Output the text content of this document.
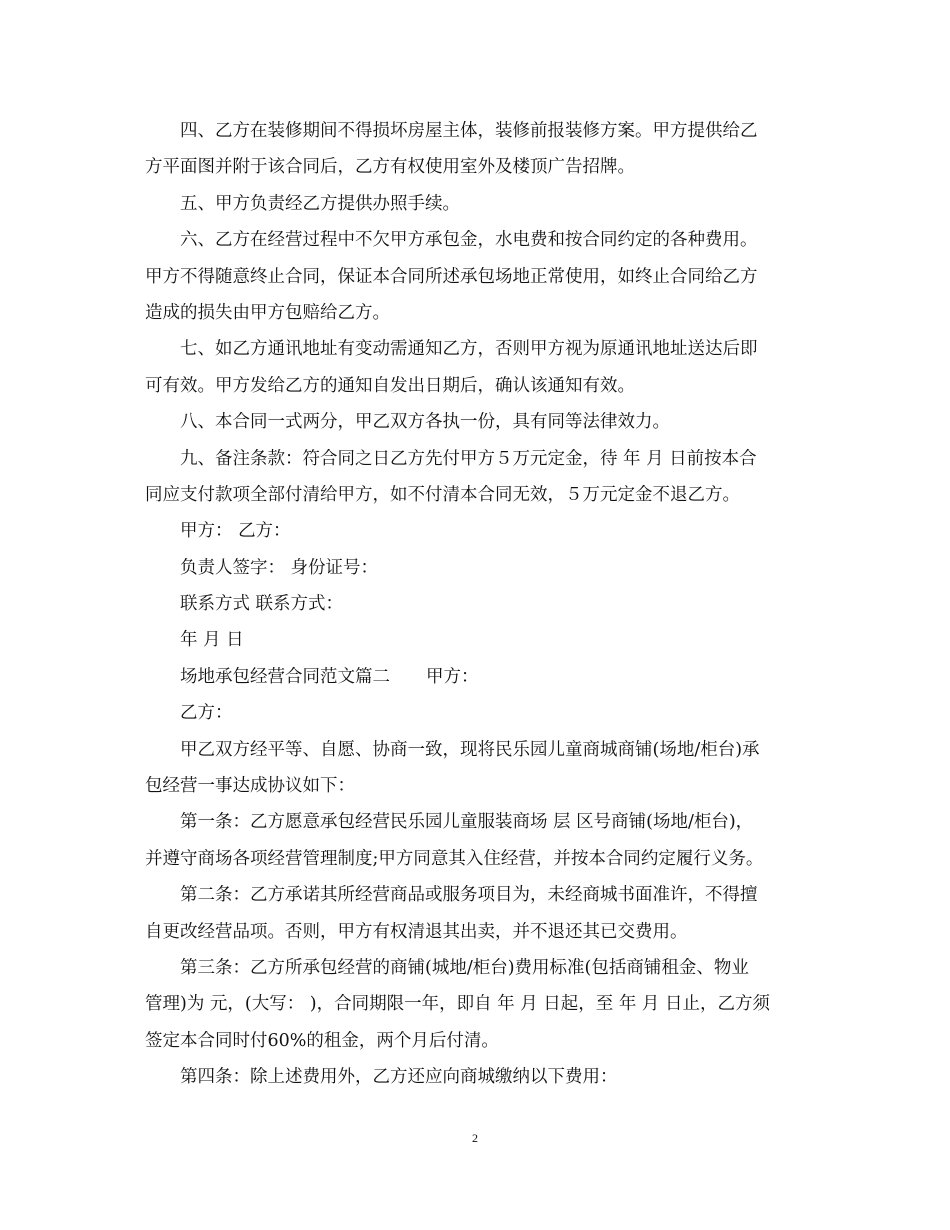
四、乙方在装修期间不得损坏房屋主体，装修前报装修方案。甲方提供给乙
方平面图并附于该合同后，乙方有权使用室外及楼顶广告招牌。
五、甲方负责经乙方提供办照手续。
六、乙方在经营过程中不欠甲方承包金，水电费和按合同约定的各种费用。
甲方不得随意终止合同，保证本合同所述承包场地正常使用，如终止合同给乙方
造成的损失由甲方包赔给乙方。
七、如乙方通讯地址有变动需通知乙方，否则甲方视为原通讯地址送达后即
可有效。甲方发给乙方的通知自发出日期后，确认该通知有效。
八、本合同一式两分，甲乙双方各执一份，具有同等法律效力。
九、备注条款：符合同之日乙方先付甲方５万元定金，待 年 月 日前按本合
同应支付款项全部付清给甲方，如不付清本合同无效，５万元定金不退乙方。
甲方： 乙方：
负责人签字： 身份证号：
联系方式 联系方式：
年 月 日
场地承包经营合同范文篇二 甲方：
乙方：
甲乙双方经平等、自愿、协商一致，现将民乐园儿童商城商铺(场地/柜台)承
包经营一事达成协议如下：
第一条：乙方愿意承包经营民乐园儿童服装商场 层 区号商铺(场地/柜台)，
并遵守商场各项经营管理制度;甲方同意其入住经营，并按本合同约定履行义务。
第二条：乙方承诺其所经营商品或服务项目为，未经商城书面准许，不得擅
自更改经营品项。否则，甲方有权清退其出卖，并不退还其已交费用。
第三条：乙方所承包经营的商铺(城地/柜台)费用标准(包括商铺租金、物业
管理)为 元，(大写： )，合同期限一年，即自 年 月 日起，至 年 月 日止，乙方须
签定本合同时付60%的租金，两个月后付清。
第四条：除上述费用外，乙方还应向商城缴纳以下费用：
2
